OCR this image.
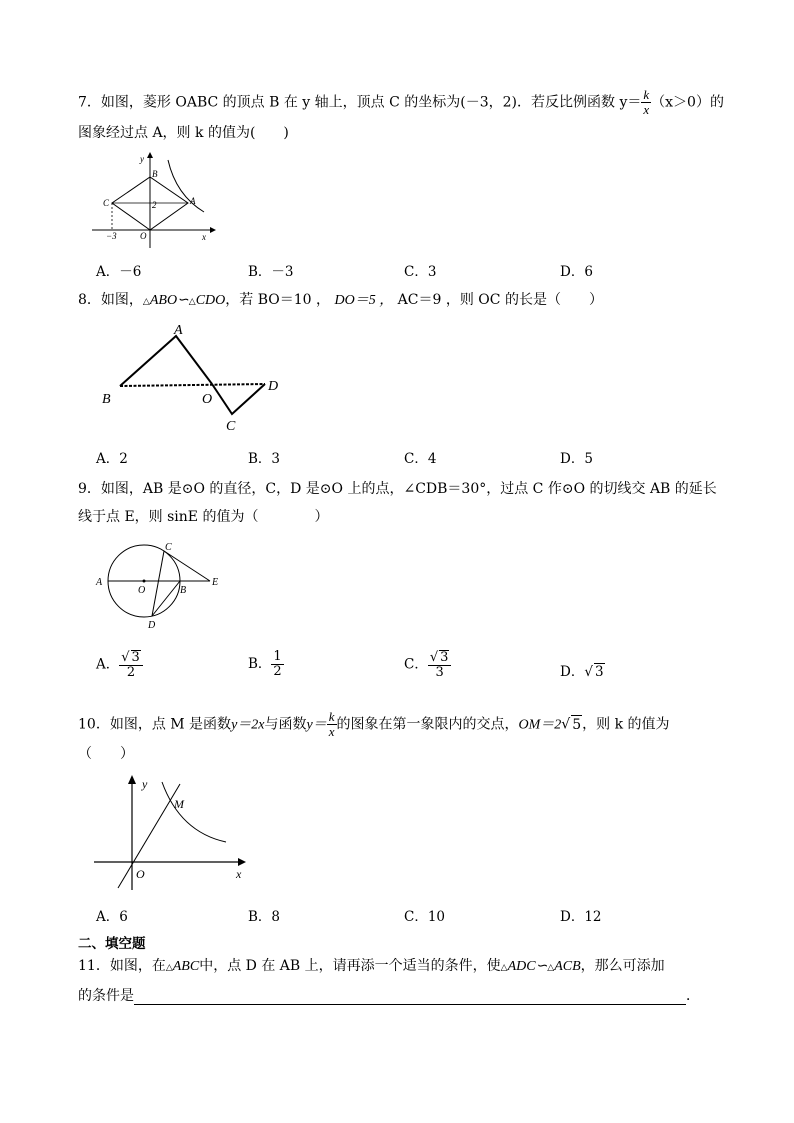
7．如图，菱形 OABC 的顶点 B 在 y 轴上，顶点 C 的坐标为(－3，2)．若反比例函数 $y= \frac{k}{x} (x>0)$的
图象经过点 A，则 k 的值为(　　)
y
x
B
C	A
O
2
−3
A．－6	B．－3	C．3	D．6
8．如图，△ABO∽△CDO，若 BO＝10 ， DO＝5 ， AC＝9 ，则 OC 的长是（　　）
A
B	O
D
C
A．2	B．3	C．4	D．5
9．如图，AB 是⊙O 的直径，C，D 是⊙O 上的点，∠CDB＝30°，过点 C 作⊙O 的切线交 AB 的延长
线于点 E，则 sinE 的值为（　　　　）
A
O	B
C
D
E
A． $\frac{√ 3}{2}$	B． $\frac{1}{2}$	C． $\frac{√ 3}{3}$	D．√ 3
10．如图，点 M 是函数y＝2x与函数$y= \frac{k}{x}$ 的图象在第一象限内的交点，OM＝2√ 5，则 k 的值为
（　　）
y
x
M
O
A．6	B．8	C．10	D．12
二、填空题
11．如图，在△ABC中，点 D 在 AB 上，请再添一个适当的条件，使△ADC∽△ACB，那么可添加
的条件是	．
